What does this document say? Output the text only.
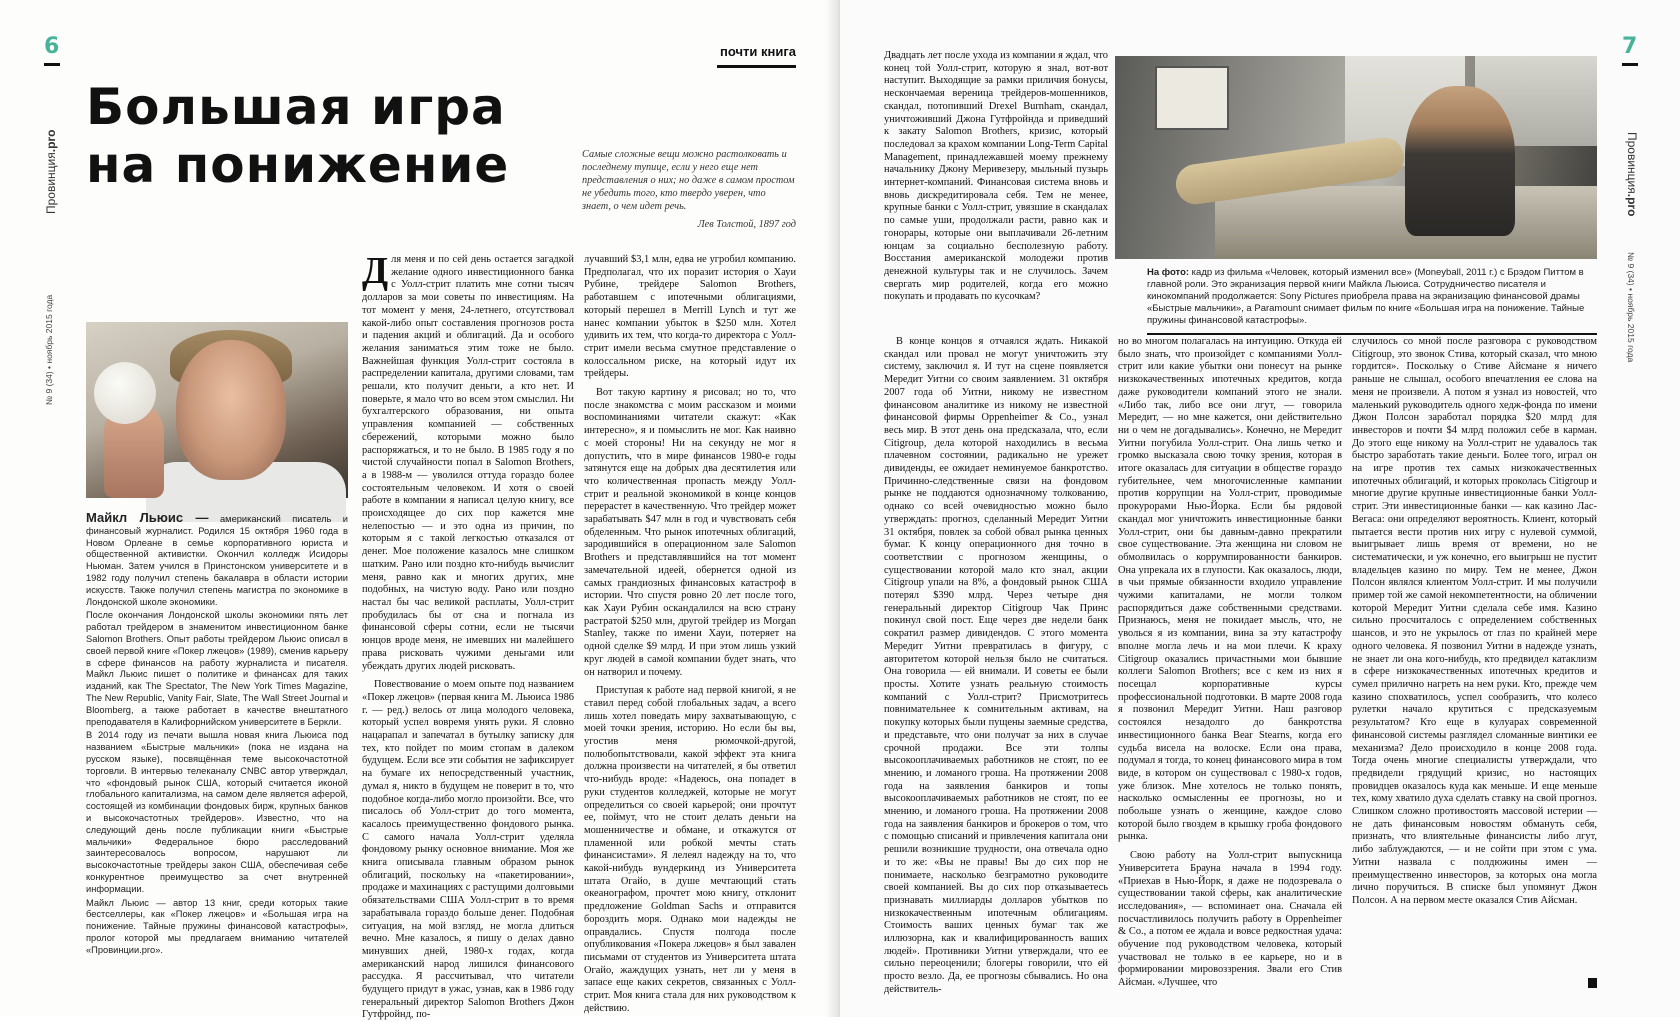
6
Провинция.pro
№ 9 (34) • ноябрь 2015 года
почти книга
Большая игра
на понижение	Самые сложные вещи можно растолковать и последнему тупице, если у него еще нет представления о них; но даже в самом простом не убедить того, кто твердо уверен, что знает, о чем идет речь.
Лев Толстой, 1897 год

Майкл Льюис — американский писатель и финансовый журналист. Родился 15 октября 1960 года в Новом Орлеане в семье корпоративного юриста и общественной активистки. Окончил колледж Исидоры Ньюман. Затем учился в Принстонском университете и в 1982 году получил степень бакалавра в области истории искусств. Также получил степень магистра по экономике в Лондонской школе экономики.

После окончания Лондонской школы экономики пять лет работал трейдером в знаменитом инвестиционном банке Salomon Brothers. Опыт работы трейдером Льюис описал в своей первой книге «Покер лжецов» (1989), сменив карьеру в сфере финансов на работу журналиста и писателя. Майкл Льюис пишет о политике и финансах для таких изданий, как The Spectator, The New York Times Magazine, The New Republic, Vanity Fair, Slate, The Wall Street Journal и Bloomberg, а также работает в качестве внештатного преподавателя в Калифорнийском университете в Беркли.

В 2014 году из печати вышла новая книга Льюиса под названием «Быстрые мальчики» (пока не издана на русском языке), посвящённая теме высокочастотной торговли. В интервью телеканалу CNBC автор утверждал, что «фондовый рынок США, который считается иконой глобального капитализма, на самом деле является аферой, состоящей из комбинации фондовых бирж, крупных банков и высокочастотных трейдеров». Известно, что на следующий день после публикации книги «Быстрые мальчики» Федеральное бюро расследований заинтересовалось вопросом, нарушают ли высокочастотные трейдеры закон США, обеспечивая себе конкурентное преимущество за счет внутренней информации.

Майкл Льюис — автор 13 книг, среди которых такие бестселлеры, как «Покер лжецов» и «Большая игра на понижение. Тайные пружины финансовой катастрофы», пролог которой мы предлагаем вниманию читателей «Провинции.pro».

Для меня и по сей день остается загадкой желание одного инвестиционного банка с Уолл-стрит платить мне сотни тысяч долларов за мои советы по инвестициям. На тот момент у меня, 24-летнего, отсутствовал какой-либо опыт составления прогнозов роста и падения акций и облигаций. Да и особого желания заниматься этим тоже не было. Важнейшая функция Уолл-стрит состояла в распределении капитала, другими словами, там решали, кто получит деньги, а кто нет. И поверьте, я мало что во всем этом смыслил. Ни бухгалтерского образования, ни опыта управления компанией — собственных сбережений, которыми можно было распоряжаться, и то не было. В 1985 году я по чистой случайности попал в Salomon Brothers, а в 1988-м — уволился оттуда гораздо более состоятельным человеком. И хотя о своей работе в компании я написал целую книгу, все происходящее до сих пор кажется мне нелепостью — и это одна из причин, по которым я с такой легкостью отказался от денег. Мое положение казалось мне слишком шатким. Рано или поздно кто-нибудь вычислит меня, равно как и многих других, мне подобных, на чистую воду. Рано или поздно настал бы час великой расплаты, Уолл-стрит пробудилась бы от сна и погнала из финансовой сферы сотни, если не тысячи юнцов вроде меня, не имевших ни малейшего права рисковать чужими деньгами или убеждать других людей рисковать.

Повествование о моем опыте под названием «Покер лжецов» (первая книга М. Льюиса 1986 г. — ред.) велось от лица молодого человека, который успел вовремя унять руки. Я словно нацарапал и запечатал в бутылку записку для тех, кто пойдет по моим стопам в далеком будущем. Если все эти события не зафиксирует на бумаге их непосредственный участник, думал я, никто в будущем не поверит в то, что подобное когда-либо могло произойти. Все, что писалось об Уолл-стрит до того момента, касалось преимущественно фондового рынка. С самого начала Уолл-стрит уделяла фондовому рынку основное внимание. Моя же книга описывала главным образом рынок облигаций, поскольку на «пакетировании», продаже и махинациях с растущими долговыми обязательствами США Уолл-стрит в то время зарабатывала гораздо больше денег. Подобная ситуация, на мой взгляд, не могла длиться вечно. Мне казалось, я пишу о делах давно минувших дней, 1980-х годах, когда американский народ лишился финансового рассудка. Я рассчитывал, что читатели будущего придут в ужас, узнав, как в 1986 году генеральный директор Salomon Brothers Джон Гутфройнд, по-

лучавший $3,1 млн, едва не угробил компанию. Предполагал, что их поразит история о Хауи Рубине, трейдере Salomon Brothers, работавшем с ипотечными облигациями, который перешел в Merrill Lynch и тут же нанес компании убыток в $250 млн. Хотел удивить их тем, что когда-то директора с Уолл-стрит имели весьма смутное представление о колоссальном риске, на который идут их трейдеры.

Вот такую картину я рисовал; но то, что после знакомства с моим рассказом и моими воспоминаниями читатели скажут: «Как интересно», я и помыслить не мог. Как наивно с моей стороны! Ни на секунду не мог я допустить, что в мире финансов 1980-е годы затянутся еще на добрых два десятилетия или что количественная пропасть между Уолл-стрит и реальной экономикой в конце концов перерастет в качественную. Что трейдер может зарабатывать $47 млн в год и чувствовать себя обделенным. Что рынок ипотечных облигаций, зародившийся в операционном зале Salomon Brothers и представлявшийся на тот момент замечательной идеей, обернется одной из самых грандиозных финансовых катастроф в истории. Что спустя ровно 20 лет после того, как Хауи Рубин оскандалился на всю страну растратой $250 млн, другой трейдер из Morgan Stanley, также по имени Хауи, потеряет на одной сделке $9 млрд. И при этом лишь узкий круг людей в самой компании будет знать, что он натворил и почему.

Приступая к работе над первой книгой, я не ставил перед собой глобальных задач, а всего лишь хотел поведать миру захватывающую, с моей точки зрения, историю. Но если бы вы, угостив меня рюмочкой-другой, полюбопытствовали, какой эффект эта книга должна произвести на читателей, я бы ответил что-нибудь вроде: «Надеюсь, она попадет в руки студентов колледжей, которые не могут определиться со своей карьерой; они прочтут ее, поймут, что не стоит делать деньги на мошенничестве и обмане, и откажутся от пламенной или робкой мечты стать финансистами». Я лелеял надежду на то, что какой-нибудь вундеркинд из Университета штата Огайо, в душе мечтающий стать океанографом, прочтет мою книгу, отклонит предложение Goldman Sachs и отправится бороздить моря. Однако мои надежды не оправдались. Спустя полгода после опубликования «Покера лжецов» я был завален письмами от студентов из Университета штата Огайо, жаждущих узнать, нет ли у меня в запасе еще каких секретов, связанных с Уолл-стрит. Моя книга стала для них руководством к действию.

7
Провинция.pro
№ 9 (34) • ноябрь 2015 года

Двадцать лет после ухода из компании я ждал, что конец той Уолл-стрит, которую я знал, вот-вот наступит. Выходящие за рамки приличия бонусы, нескончаемая вереница трейдеров-мошенников, скандал, потопивший Drexel Burnham, скандал, уничтоживший Джона Гутфройнда и приведший к закату Salomon Brothers, кризис, который последовал за крахом компании Long-Term Capital Management, принадлежавшей моему прежнему начальнику Джону Меривезеру, мыльный пузырь интернет-компаний. Финансовая система вновь и вновь дискредитировала себя. Тем не менее, крупные банки с Уолл-стрит, увязшие в скандалах по самые уши, продолжали расти, равно как и гонорары, которые они выплачивали 26-летним юнцам за социально бесполезную работу. Восстания американской молодежи против денежной культуры так и не случилось. Зачем свергать мир родителей, когда его можно покупать и продавать по кусочкам?

На фото: кадр из фильма «Человек, который изменил все» (Moneyball, 2011 г.) с Брэдом Питтом в главной роли. Это экранизация первой книги Майкла Льюиса. Сотрудничество писателя и кинокомпаний продолжается: Sony Pictures приобрела права на экранизацию финансовой драмы «Быстрые мальчики», а Paramount снимает фильм по книге «Большая игра на понижение. Тайные пружины финансовой катастрофы».

В конце концов я отчаялся ждать. Никакой скандал или провал не могут уничтожить эту систему, заключил я. И тут на сцене появляется Мередит Уитни со своим заявлением. 31 октября 2007 года об Уитни, никому не известном финансовом аналитике из никому не известной финансовой фирмы Oppenheimer & Co., узнал весь мир. В этот день она предсказала, что, если Citigroup, дела которой находились в весьма плачевном состоянии, радикально не урежет дивиденды, ее ожидает неминуемое банкротство. Причинно-следственные связи на фондовом рынке не поддаются однозначному толкованию, однако со всей очевидностью можно было утверждать: прогноз, сделанный Мередит Уитни 31 октября, повлек за собой обвал рынка ценных бумаг. К концу операционного дня точно в соответствии с прогнозом женщины, о существовании которой мало кто знал, акции Citigroup упали на 8%, а фондовый рынок США потерял $390 млрд. Через четыре дня генеральный директор Citigroup Чак Принс покинул свой пост. Еще через две недели банк сократил размер дивидендов. С этого момента Мередит Уитни превратилась в фигуру, с авторитетом которой нельзя было не считаться. Она говорила — ей внимали. И советы ее были просты. Хотите узнать реальную стоимость компаний с Уолл-стрит? Присмотритесь повнимательнее к сомнительным активам, на покупку которых были пущены заемные средства, и представьте, что они получат за них в случае срочной продажи. Все эти толпы высокооплачиваемых работников не стоят, по ее мнению, и ломаного гроша. На протяжении 2008 года на заявления банкиров и топы высокооплачиваемых работников не стоят, по ее мнению, и ломаного гроша. На протяжении 2008 года на заявления банкиров и брокеров о том, что с помощью списаний и привлечения капитала они решили возникшие трудности, она отвечала одно и то же: «Вы не правы! Вы до сих пор не понимаете, насколько безграмотно руководите своей компанией. Вы до сих пор отказываетесь признавать миллиарды долларов убытков по низкокачественным ипотечным облигациям. Стоимость ваших ценных бумаг так же иллюзорна, как и квалифицированность ваших людей». Противники Уитни утверждали, что ее сильно переоценили; блогеры говорили, что ей просто везло. Да, ее прогнозы сбывались. Но она действитель-

но во многом полагалась на интуицию. Откуда ей было знать, что произойдет с компаниями Уолл-стрит или какие убытки они понесут на рынке низкокачественных ипотечных кредитов, когда даже руководители компаний этого не знали. «Либо так, либо все они лгут, — говорила Мередит, — но мне кажется, они действительно ни о чем не догадывались». Конечно, не Мередит Уитни погубила Уолл-стрит. Она лишь четко и громко высказала свою точку зрения, которая в итоге оказалась для ситуации в обществе гораздо губительнее, чем многочисленные кампании против коррупции на Уолл-стрит, проводимые прокурорами Нью-Йорка. Если бы рядовой скандал мог уничтожить инвестиционные банки Уолл-стрит, они бы давным-давно прекратили свое существование. Эта женщина ни словом не обмолвилась о коррумпированности банкиров. Она упрекала их в глупости. Как оказалось, люди, в чьи прямые обязанности входило управление чужими капиталами, не могли толком распорядиться даже собственными средствами. Признаюсь, меня не покидает мысль, что, не уволься я из компании, вина за эту катастрофу вполне могла лечь и на мои плечи. К краху Citigroup оказались причастными мои бывшие коллеги Salomon Brothers; все с кем из них я посещал корпоративные курсы профессиональной подготовки. В марте 2008 года я позвонил Мередит Уитни. Наш разговор состоялся незадолго до банкротства инвестиционного банка Bear Stearns, когда его судьба висела на волоске. Если она права, подумал я тогда, то конец финансового мира в том виде, в котором он существовал с 1980-х годов, уже близок. Мне хотелось не только понять, насколько осмысленны ее прогнозы, но и побольше узнать о женщине, каждое слово которой было гвоздем в крышку гроба фондового рынка.

Свою работу на Уолл-стрит выпускница Университета Брауна начала в 1994 году. «Приехав в Нью-Йорк, я даже не подозревала о существовании такой сферы, как аналитические исследования», — вспоминает она. Сначала ей посчастливилось получить работу в Oppenheimer & Co., а потом ее ждала и вовсе редкостная удача: обучение под руководством человека, который участвовал не только в ее карьере, но и в формировании мировоззрения. Звали его Стив Айсман. «Лучшее, что

случилось со мной после разговора с руководством Citigroup, это звонок Стива, который сказал, что мною гордится». Поскольку о Стиве Айсмане я ничего раньше не слышал, особого впечатления ее слова на меня не произвели. А потом я узнал из новостей, что маленький руководитель одного хедж-фонда по имени Джон Полсон заработал порядка $20 млрд для инвесторов и почти $4 млрд положил себе в карман. До этого еще никому на Уолл-стрит не удавалось так быстро заработать такие деньги. Более того, играл он на игре против тех самых низкокачественных ипотечных облигаций, и которых проколась Citigroup и многие другие крупные инвестиционные банки Уолл-стрит. Эти инвестиционные банки — как казино Лас-Вегаса: они определяют вероятность. Клиент, который пытается вести против них игру с нулевой суммой, выигрывает лишь время от времени, но не систематически, и уж конечно, его выигрыш не пустит владельцев казино по миру. Тем не менее, Джон Полсон являлся клиентом Уолл-стрит. И мы получили пример той же самой некомпетентности, на обличении которой Мередит Уитни сделала себе имя. Казино сильно просчиталось с определением собственных шансов, и это не укрылось от глаз по крайней мере одного человека. Я позвонил Уитни в надежде узнать, не знает ли она кого-нибудь, кто предвидел катаклизм в сфере низкокачественных ипотечных кредитов и сумел прилично нагреть на нем руки. Кто, прежде чем казино спохватилось, успел сообразить, что колесо рулетки начало крутиться с предсказуемым результатом? Кто еще в кулуарах современной финансовой системы разглядел сломанные винтики ее механизма? Дело происходило в конце 2008 года. Тогда очень многие специалисты утверждали, что предвидели грядущий кризис, но настоящих провидцев оказалось куда как меньше. И еще меньше тех, кому хватило духа сделать ставку на свой прогноз. Слишком сложно противостоять массовой истерии — не дать финансовым новостям обмануть себя, признать, что влиятельные финансисты либо лгут, либо заблуждаются, — и не сойти при этом с ума. Уитни назвала с полдюжины имен — преимущественно инвесторов, за которых она могла лично поручиться. В списке был упомянут Джон Полсон. А на первом месте оказался Стив Айсман.
